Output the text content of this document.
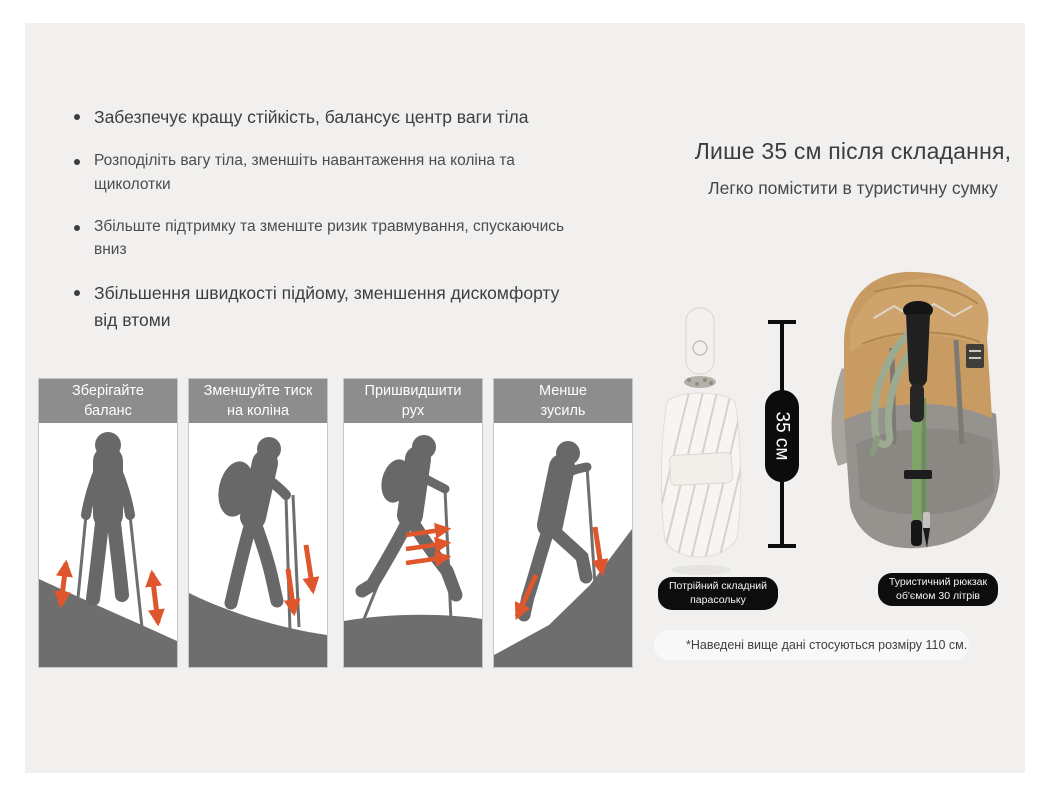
Забезпечує кращу стійкість, балансує центр ваги тіла
Розподіліть вагу тіла, зменшіть навантаження на коліна та щиколотки
Збільште підтримку та зменште ризик травмування, спускаючись вниз
Збільшення швидкості підйому, зменшення дискомфорту від втоми
Лише 35 см після складання,
Легко помістити в туристичну сумку
Зберігайте
баланс
Зменшуйте тиск
на коліна
Пришвидшити
рух
Менше
зусиль
35 см
Потрійний складний парасольку
Туристичний рюкзак об'ємом 30 літрів
*Наведені вище дані стосуються розміру 110 см.
